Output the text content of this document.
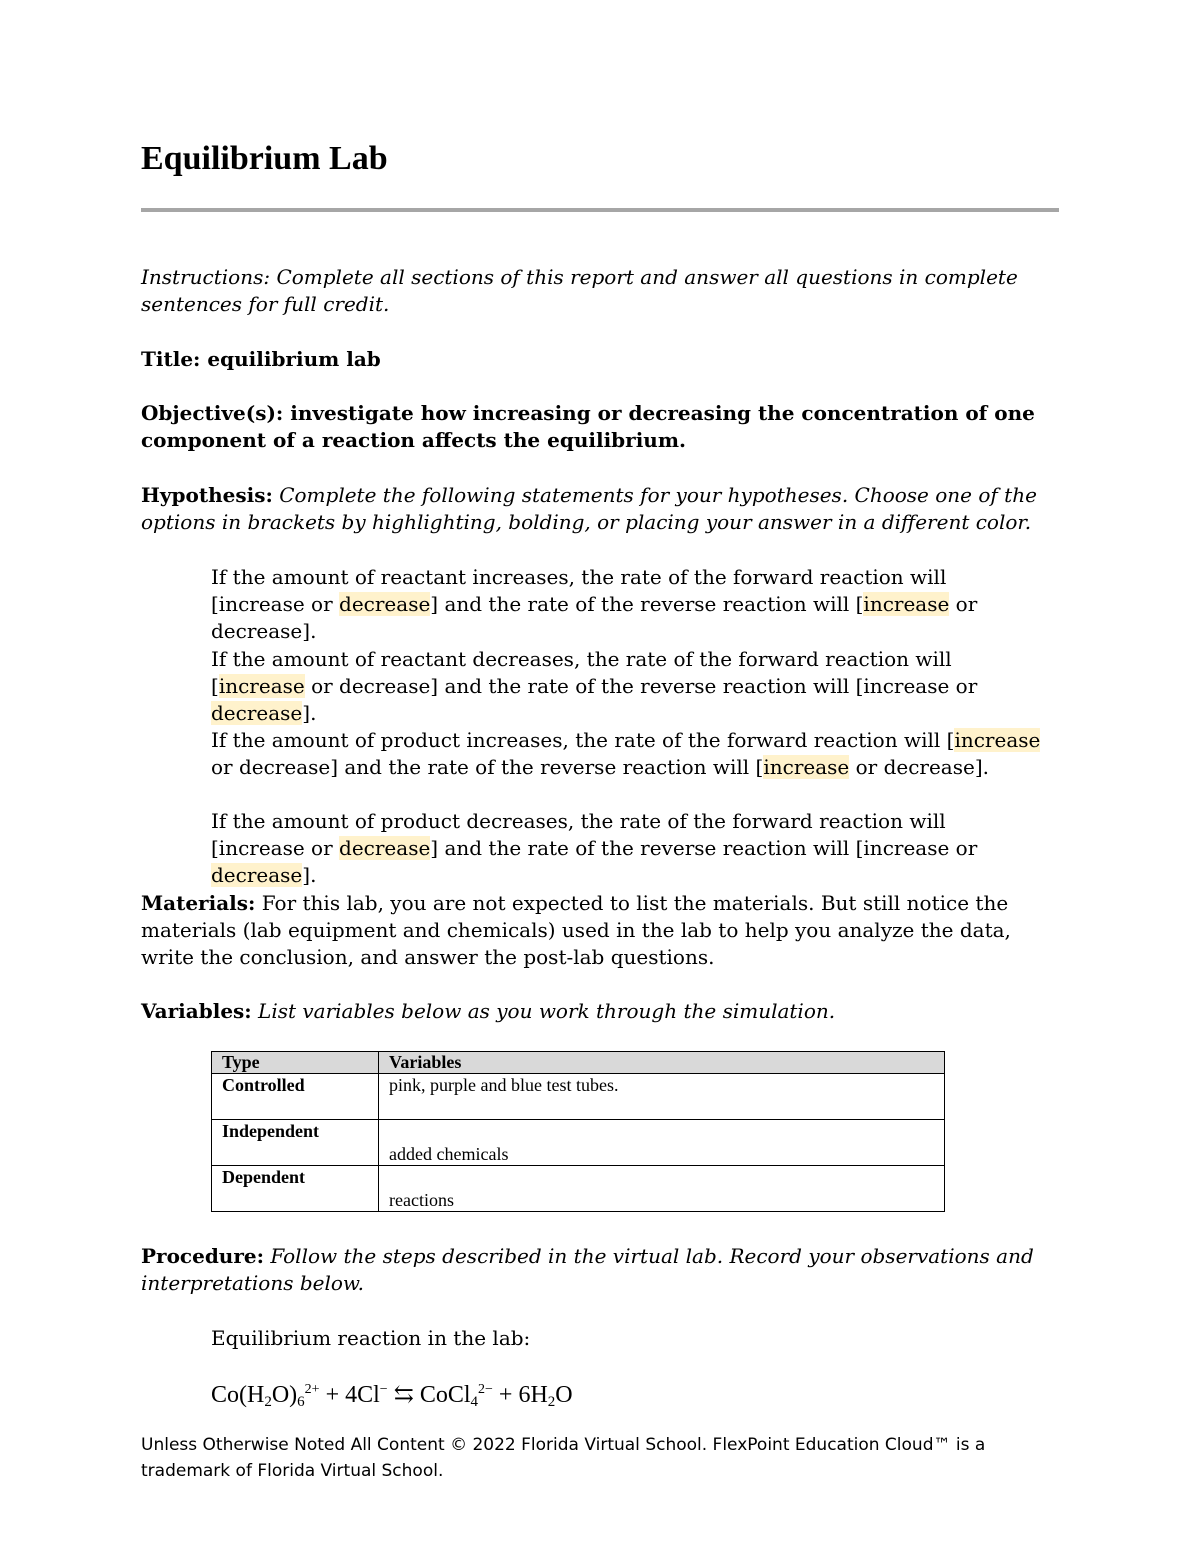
Equilibrium Lab
Instructions: Complete all sections of this report and answer all questions in complete sentences for full credit.
Title: equilibrium lab
Objective(s): investigate how increasing or decreasing the concentration of one component of a reaction affects the equilibrium.
Hypothesis: Complete the following statements for your hypotheses. Choose one of the options in brackets by highlighting, bolding, or placing your answer in a different color.
If the amount of reactant increases, the rate of the forward reaction will [increase or decrease] and the rate of the reverse reaction will [increase or decrease].
If the amount of reactant decreases, the rate of the forward reaction will [increase or decrease] and the rate of the reverse reaction will [increase or decrease].
If the amount of product increases, the rate of the forward reaction will [increase or decrease] and the rate of the reverse reaction will [increase or decrease].
If the amount of product decreases, the rate of the forward reaction will [increase or decrease] and the rate of the reverse reaction will [increase or decrease].
Materials: For this lab, you are not expected to list the materials. But still notice the materials (lab equipment and chemicals) used in the lab to help you analyze the data, write the conclusion, and answer the post-lab questions.
Variables: List variables below as you work through the simulation.
Type	Variables
Controlled	pink, purple and blue test tubes.
Independent	added chemicals
Dependent	reactions
Procedure: Follow the steps described in the virtual lab. Record your observations and interpretations below.
Equilibrium reaction in the lab:
$Co(H_2O)_6^{2+} + 4Cl^-$ ⇆ CoCl$_4^{2-}$ + $6H_2O$
Unless Otherwise Noted All Content © 2022 Florida Virtual School. FlexPoint Education Cloud™ is a trademark of Florida Virtual School.
